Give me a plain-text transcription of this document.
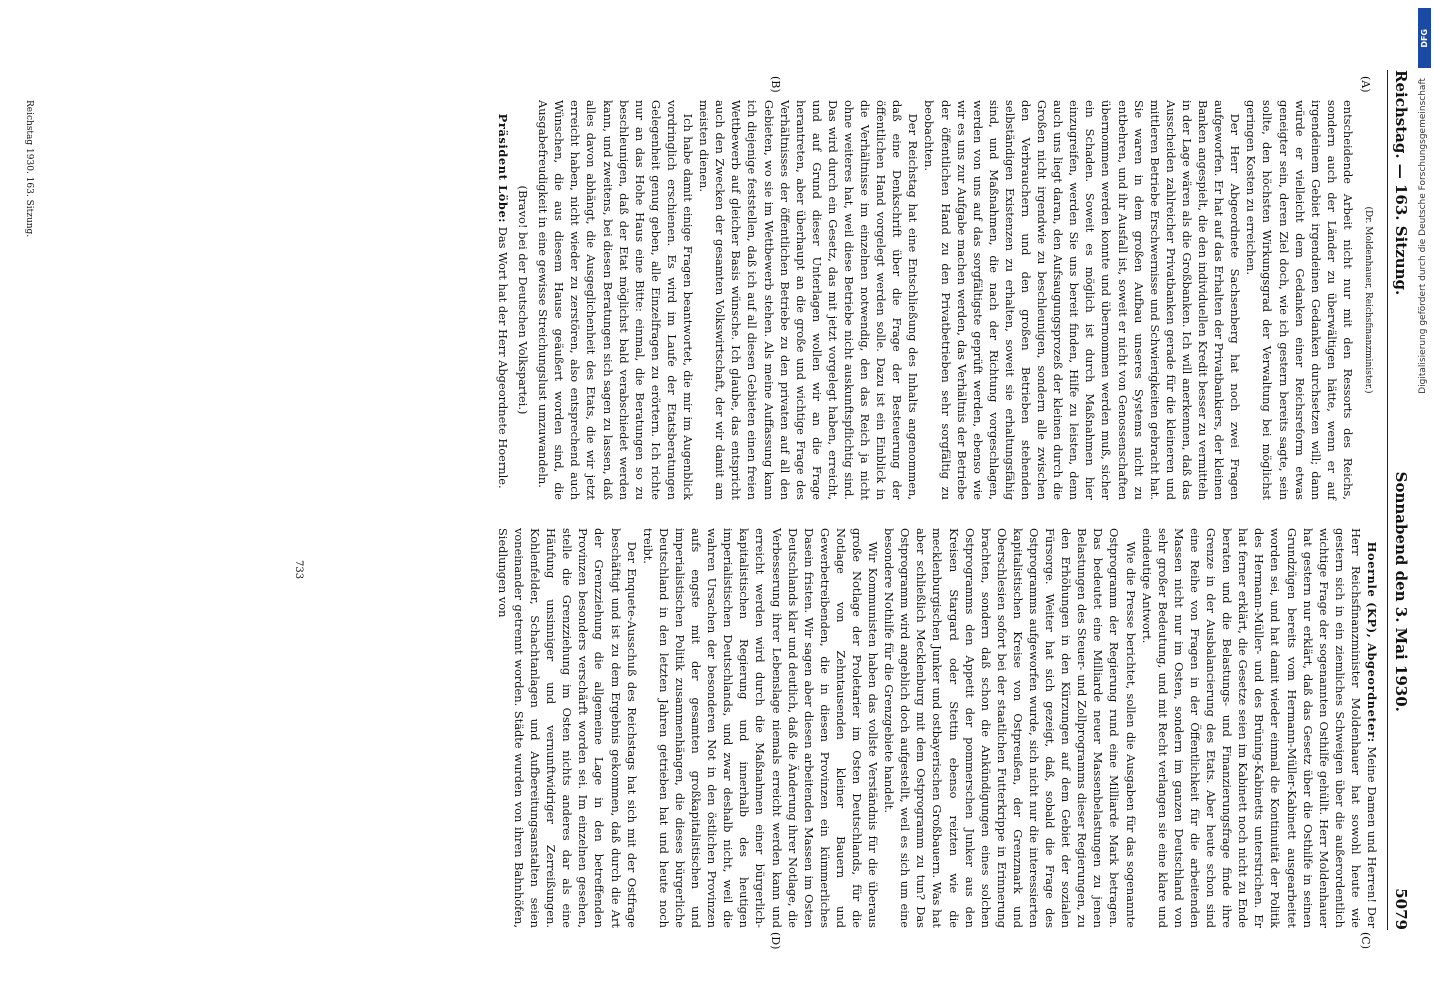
Reichstag. — 163. Sitzung.
Sonnabend den 3. Mai 1930.
5079
(A)
(B)
(C)
(D)

(Dr. Moldenhauer, Reichsfinanzminister.)

entscheidende Arbeit nicht nur mit den Ressorts des Reichs, sondern auch der Länder zu überwältigen hätte, wenn er auf irgendeinem Gebiet irgendeinen Gedanken durchsetzen will; dann würde er vielleicht dem Gedanken einer Reichsreform etwas geneigter sein, deren Ziel doch, wie ich gestern bereits sagte, sein sollte, den höchsten Wirkungsgrad der Verwaltung bei möglichst geringen Kosten zu erreichen.

Der Herr Abgeordnete Sachsenberg hat noch zwei Fragen aufgeworfen. Er hat auf das Erhalten der Privatbankiers, der kleinen Banken angespielt, die den individuellen Kredit besser zu vermitteln in der Lage wären als die Großbanken. Ich will anerkennen, daß das Ausscheiden zahlreicher Privatbanken gerade für die kleineren und mittleren Betriebe Erschwernisse und Schwierigkeiten gebracht hat. Sie waren in dem großen Aufbau unseres Systems nicht zu entbehren, und ihr Ausfall ist, soweit er nicht von Genossenschaften übernommen werden konnte und übernommen werden muß, sicher ein Schaden. Soweit es möglich ist durch Maßnahmen hier einzugreifen, werden Sie uns bereit finden, Hilfe zu leisten, denn auch uns liegt daran, den Aufsaugungsprozeß der kleinen durch die Großen nicht irgendwie zu beschleunigen, sondern alle zwischen den Verbrauchern und den großen Betrieben stehenden selbständigen Existenzen zu erhalten, soweit sie erhaltungsfähig sind, und Maßnahmen, die nach der Richtung vorgeschlagen, werden von uns auf das sorgfältigste geprüft werden, ebenso wie wir es uns zur Aufgabe machen werden, das Verhältnis der Betriebe der öffentlichen Hand zu den Privatbetrieben sehr sorgfältig zu beobachten.

Der Reichstag hat eine Entschließung des Inhalts angenommen, daß eine Denkschrift über die Frage der Besteuerung der öffentlichen Hand vorgelegt werden solle. Dazu ist ein Einblick in die Verhältnisse im einzelnen notwendig, den das Reich ja nicht ohne weiteres hat, weil diese Betriebe nicht auskunftspflichtig sind. Das wird durch ein Gesetz, das mit jetzt vorgelegt haben, erreicht, und auf Grund dieser Unterlagen wollen wir an die Frage herantreten, aber überhaupt an die große und wichtige Frage des Verhältnisses der öffentlichen Betriebe zu den privaten auf all den Gebieten, wo sie im Wettbewerb stehen. Als meine Auffassung kann ich diejenige feststellen, daß ich auf all diesen Gebieten einen freien Wettbewerb auf gleicher Basis wünsche. Ich glaube, das entspricht auch den Zwecken der gesamten Volkswirtschaft, der wir damit am meisten dienen.

Ich habe damit einige Fragen beantwortet, die mir im Augenblick vordringlich erschienen. Es wird im Laufe der Etatsberatungen Gelegenheit genug geben, alle Einzelfragen zu erörtern. Ich richte nur an das Hohe Haus eine Bitte: einmal, die Beratungen so zu beschleunigen, daß der Etat möglichst bald verabschiedet werden kann, und zweitens, bei diesen Beratungen sich sagen zu lassen, daß alles davon abhängt, die Ausgeglichenheit des Etats, die wir jetzt erreicht haben, nicht wieder zu zerstören, also entsprechend auch Wünschen, die aus diesem Hause geäußert worden sind, die Ausgabefreudigkeit in eine gewisse Streichungslust umzuwandeln.

(Bravo! bei der Deutschen Volkspartei.)

Präsident Löbe: Das Wort hat der Herr Abgeordnete Hoernle.

Hoernle (KP), Abgeordneter: Meine Damen und Herren! Der Herr Reichsfinanzminister Moldenhauer hat sowohl heute wie gestern sich in ein ziemliches Schweigen über die außerordentlich wichtige Frage der sogenannten Osthilfe gehüllt. Herr Moldenhauer hat gestern nur erklärt, daß das Gesetz über die Osthilfe in seinen Grundzügen bereits vom Hermann-Müller-Kabinett ausgearbeitet worden sei, und hat damit wieder einmal die Kontinuität der Politik des Hermann-Müller- und des Brüning-Kabinetts unterstrichen. Er hat ferner erklärt, die Gesetze seien im Kabinett noch nicht zu Ende beraten und die Belastungs- und Finanzierungsfrage finde ihre Grenze in der Ausbalancierung des Etats. Aber heute schon sind eine Reihe von Fragen in der Öffentlichkeit für die arbeitenden Massen nicht nur im Osten, sondern im ganzen Deutschland von sehr großer Bedeutung, und mit Recht verlangen sie eine klare und eindeutige Antwort.

Wie die Presse berichtet, sollen die Ausgaben für das sogenannte Ostprogramm der Regierung rund eine Milliarde Mark betragen. Das bedeutet eine Milliarde neuer Massenbelastungen zu jenen Belastungen des Steuer- und Zollprogramms dieser Regierungen, zu den Erhöhungen in den Kürzungen auf dem Gebiet der sozialen Fürsorge. Weiter hat sich gezeigt, daß, sobald die Frage des Ostprogramms aufgeworfen wurde, sich nicht nur die interessierten kapitalistischen Kreise von Ostpreußen, der Grenzmark und Oberschlesien sofort bei der staatlichen Futterkrippe in Erinnerung brachten, sondern daß schon die Ankündigungen eines solchen Ostprogramms den Appetit der pommerschen Junker aus den Kreisen Stargard oder Stettin ebenso reizten wie die mecklenburgischen Junker und ostbayerischen Großbauern. Was hat aber schließlich Mecklenburg mit dem Ostprogramm zu tun? Das Ostprogramm wird angeblich doch aufgestellt, weil es sich um eine besondere Nothilfe für die Grenzgebiete handelt.

Wir Kommunisten haben das vollste Verständnis für die überaus große Notlage der Proletarier im Osten Deutschlands, für die Notlage von Zehntausenden kleiner Bauern und Gewerbetreibenden, die in diesen Provinzen ein kümmerliches Dasein fristen. Wir sagen aber diesen arbeitenden Massen im Osten Deutschlands klar und deutlich, daß die Änderung ihrer Notlage, die Verbesserung ihrer Lebenslage niemals erreicht werden kann und erreicht werden wird durch die Maßnahmen einer bürgerlich-kapitalistischen Regierung und innerhalb des heutigen imperialistischen Deutschlands, und zwar deshalb nicht, weil die wahren Ursachen der besonderen Not in den östlichen Provinzen aufs engste mit der gesamten großkapitalistischen und imperialistischen Politik zusammenhängen, die dieses bürgerliche Deutschland in den letzten Jahren getrieben hat und heute noch treibt.

Der Enquete-Ausschuß des Reichstags hat sich mit der Ostfrage beschäftigt und ist zu dem Ergebnis gekommen, daß durch die Art der Grenzziehung die allgemeine Lage in den betreffenden Provinzen besonders verschärft worden sei. Im einzelnen gesehen, stelle die Grenzziehung im Osten nichts anderes dar als eine Häufung unsinniger und vernunftwidriger Zerreißungen. Kohlenfelder, Schachtanlagen und Aufbereitungsanstalten seien voneinander getrennt worden. Städte wurden von ihren Bahnhöfen, Siedlungen von

Reichstag 1930. 163. Sitzung.
733
DFG
Digitalisierung gefördert durch die Deutsche Forschungsgemeinschaft
